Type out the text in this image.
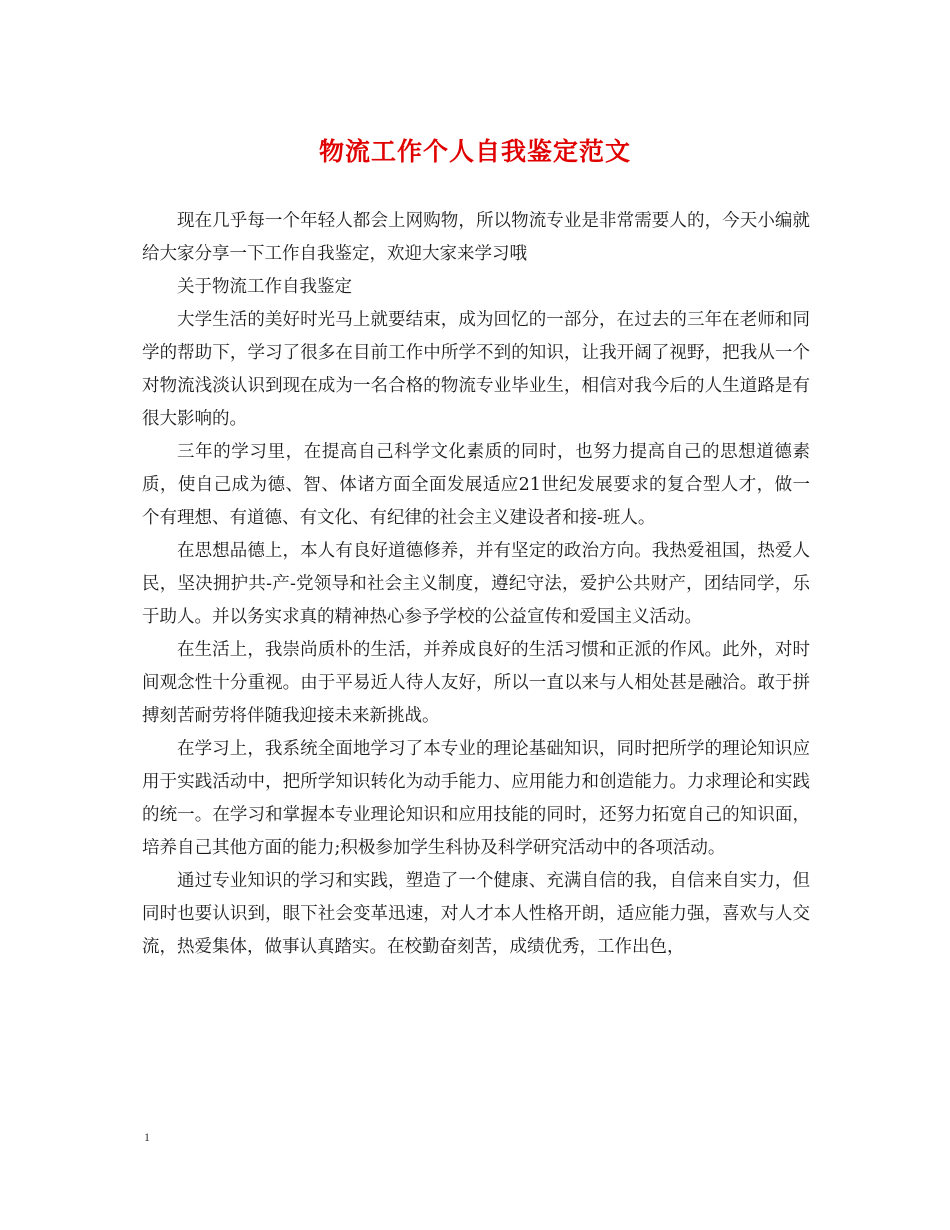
物流工作个人自我鉴定范文

现在几乎每一个年轻人都会上网购物，所以物流专业是非常需要人的，今天小编就给大家分享一下工作自我鉴定，欢迎大家来学习哦

关于物流工作自我鉴定

大学生活的美好时光马上就要结束，成为回忆的一部分，在过去的三年在老师和同学的帮助下，学习了很多在目前工作中所学不到的知识，让我开阔了视野，把我从一个对物流浅淡认识到现在成为一名合格的物流专业毕业生，相信对我今后的人生道路是有很大影响的。

三年的学习里，在提高自己科学文化素质的同时，也努力提高自己的思想道德素质，使自己成为德、智、体诸方面全面发展适应21世纪发展要求的复合型人才，做一个有理想、有道德、有文化、有纪律的社会主义建设者和接-班人。

在思想品德上，本人有良好道德修养，并有坚定的政治方向。我热爱祖国，热爱人民，坚决拥护共-产-党领导和社会主义制度，遵纪守法，爱护公共财产，团结同学，乐于助人。并以务实求真的精神热心参予学校的公益宣传和爱国主义活动。

在生活上，我崇尚质朴的生活，并养成良好的生活习惯和正派的作风。此外，对时间观念性十分重视。由于平易近人待人友好，所以一直以来与人相处甚是融洽。敢于拼搏刻苦耐劳将伴随我迎接未来新挑战。

在学习上，我系统全面地学习了本专业的理论基础知识，同时把所学的理论知识应用于实践活动中，把所学知识转化为动手能力、应用能力和创造能力。力求理论和实践的统一。在学习和掌握本专业理论知识和应用技能的同时，还努力拓宽自己的知识面，培养自己其他方面的能力;积极参加学生科协及科学研究活动中的各项活动。

通过专业知识的学习和实践，塑造了一个健康、充满自信的我，自信来自实力，但同时也要认识到，眼下社会变革迅速，对人才本人性格开朗，适应能力强，喜欢与人交流，热爱集体，做事认真踏实。在校勤奋刻苦，成绩优秀，工作出色，

1
